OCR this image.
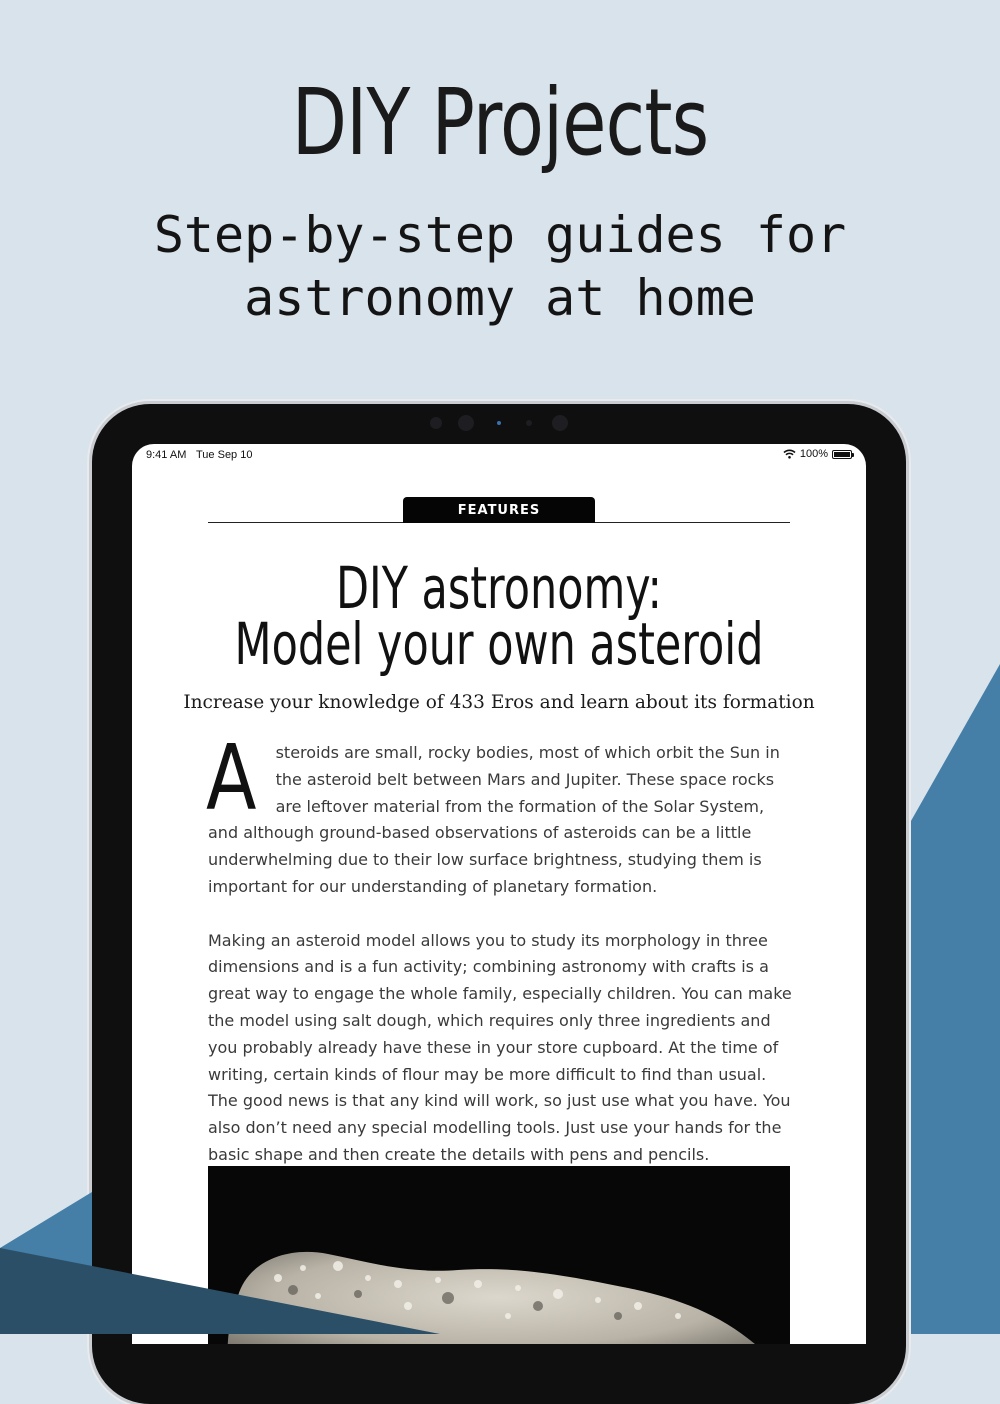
DIY Projects
Step-by-step guides for
astronomy at home
9:41 AM Tue Sep 10	100%
FEATURES
DIY astronomy:
Model your own asteroid
Increase your knowledge of 433 Eros and learn about its formation

A steroids are small, rocky bodies, most of which orbit the Sun in the asteroid belt between Mars and Jupiter. These space rocks are leftover material from the formation of the Solar System, and although ground-based observations of asteroids can be a little underwhelming due to their low surface brightness, studying them is important for our understanding of planetary formation.

Making an asteroid model allows you to study its morphology in three dimensions and is a fun activity; combining astronomy with crafts is a great way to engage the whole family, especially children. You can make the model using salt dough, which requires only three ingredients and you probably already have these in your store cupboard. At the time of writing, certain kinds of flour may be more difficult to find than usual. The good news is that any kind will work, so just use what you have. You also don’t need any special modelling tools. Just use your hands for the basic shape and then create the details with pens and pencils.
